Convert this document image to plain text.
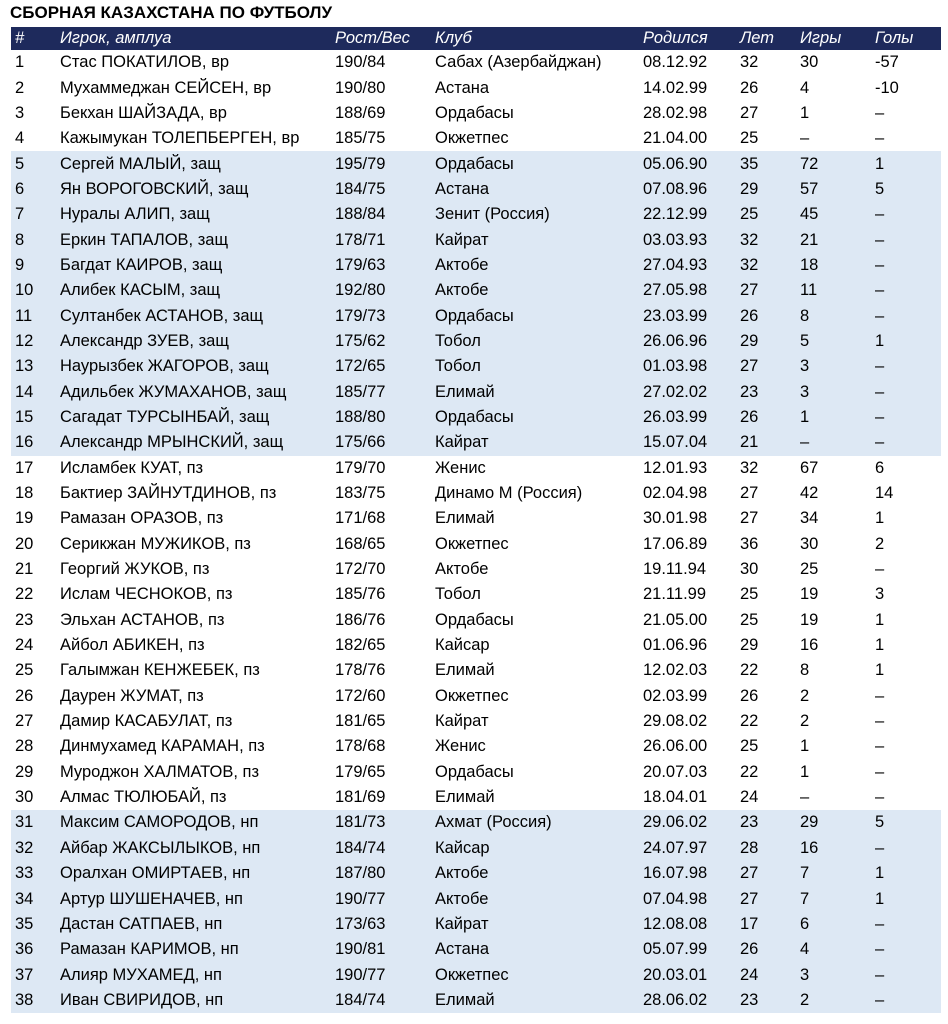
СБОРНАЯ КАЗАХСТАНА ПО ФУТБОЛУ
#	Игрок, амплуа	Рост/Вес	Клуб	Родился	Лет	Игры	Голы
1	Стас ПОКАТИЛОВ, вр	190/84	Сабах (Азербайджан)	08.12.92	32	30	-57
2	Мухаммеджан СЕЙСЕН, вр	190/80	Астана	14.02.99	26	4	-10
3	Бекхан ШАЙЗАДА, вр	188/69	Ордабасы	28.02.98	27	1	–
4	Кажымукан ТОЛЕПБЕРГЕН, вр	185/75	Окжетпес	21.04.00	25	–	–
5	Сергей МАЛЫЙ, защ	195/79	Ордабасы	05.06.90	35	72	1
6	Ян ВОРОГОВСКИЙ, защ	184/75	Астана	07.08.96	29	57	5
7	Нуралы АЛИП, защ	188/84	Зенит (Россия)	22.12.99	25	45	–
8	Еркин ТАПАЛОВ, защ	178/71	Кайрат	03.03.93	32	21	–
9	Багдат КАИРОВ, защ	179/63	Актобе	27.04.93	32	18	–
10	Алибек КАСЫМ, защ	192/80	Актобе	27.05.98	27	11	–
11	Султанбек АСТАНОВ, защ	179/73	Ордабасы	23.03.99	26	8	–
12	Александр ЗУЕВ, защ	175/62	Тобол	26.06.96	29	5	1
13	Наурызбек ЖАГОРОВ, защ	172/65	Тобол	01.03.98	27	3	–
14	Адильбек ЖУМАХАНОВ, защ	185/77	Елимай	27.02.02	23	3	–
15	Сагадат ТУРСЫНБАЙ, защ	188/80	Ордабасы	26.03.99	26	1	–
16	Александр МРЫНСКИЙ, защ	175/66	Кайрат	15.07.04	21	–	–
17	Исламбек КУАТ, пз	179/70	Женис	12.01.93	32	67	6
18	Бактиер ЗАЙНУТДИНОВ, пз	183/75	Динамо М (Россия)	02.04.98	27	42	14
19	Рамазан ОРАЗОВ, пз	171/68	Елимай	30.01.98	27	34	1
20	Серикжан МУЖИКОВ, пз	168/65	Окжетпес	17.06.89	36	30	2
21	Георгий ЖУКОВ, пз	172/70	Актобе	19.11.94	30	25	–
22	Ислам ЧЕСНОКОВ, пз	185/76	Тобол	21.11.99	25	19	3
23	Эльхан АСТАНОВ, пз	186/76	Ордабасы	21.05.00	25	19	1
24	Айбол АБИКЕН, пз	182/65	Кайсар	01.06.96	29	16	1
25	Галымжан КЕНЖЕБЕК, пз	178/76	Елимай	12.02.03	22	8	1
26	Даурен ЖУМАТ, пз	172/60	Окжетпес	02.03.99	26	2	–
27	Дамир КАСАБУЛАТ, пз	181/65	Кайрат	29.08.02	22	2	–
28	Динмухамед КАРАМАН, пз	178/68	Женис	26.06.00	25	1	–
29	Муроджон ХАЛМАТОВ, пз	179/65	Ордабасы	20.07.03	22	1	–
30	Алмас ТЮЛЮБАЙ, пз	181/69	Елимай	18.04.01	24	–	–
31	Максим САМОРОДОВ, нп	181/73	Ахмат (Россия)	29.06.02	23	29	5
32	Айбар ЖАКСЫЛЫКОВ, нп	184/74	Кайсар	24.07.97	28	16	–
33	Оралхан ОМИРТАЕВ, нп	187/80	Актобе	16.07.98	27	7	1
34	Артур ШУШЕНАЧЕВ, нп	190/77	Актобе	07.04.98	27	7	1
35	Дастан САТПАЕВ, нп	173/63	Кайрат	12.08.08	17	6	–
36	Рамазан КАРИМОВ, нп	190/81	Астана	05.07.99	26	4	–
37	Алияр МУХАМЕД, нп	190/77	Окжетпес	20.03.01	24	3	–
38	Иван СВИРИДОВ, нп	184/74	Елимай	28.06.02	23	2	–
